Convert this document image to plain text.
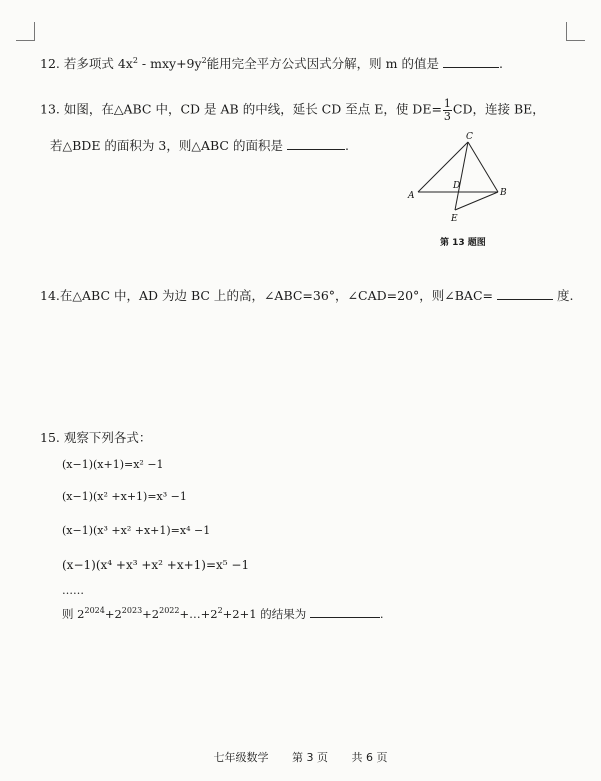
12. 若多项式 $4x^2 - mxy+9y^2$能用完全平方公式因式分解，则 m 的值是	.
13. 如图，在△ABC 中，CD 是 AB 的中线，延长 CD 至点 E，使 $DE= \frac{1}{3}$ CD，连接 BE，
若△BDE 的面积为 3，则△ABC 的面积是	.
C
A	B
D
E
第 13 题图
14.在△ABC 中，AD 为边 BC 上的高，∠ABC=36°，∠CAD=20°，则∠BAC=	度.
15. 观察下列各式：
(x−1)(x+1)=x² −1
(x−1)(x² +x+1)=x³ −1
(x−1)(x³ +x² +x+1)=x⁴ −1
(x−1)(x⁴ +x³ +x² +x+1)=x⁵ −1
……
则 $2^{2024}+2^{2023}+2^{2022}+\dots+2^2+2+1$ 的结果为	.
七年级数学 第 3 页 共 6 页
